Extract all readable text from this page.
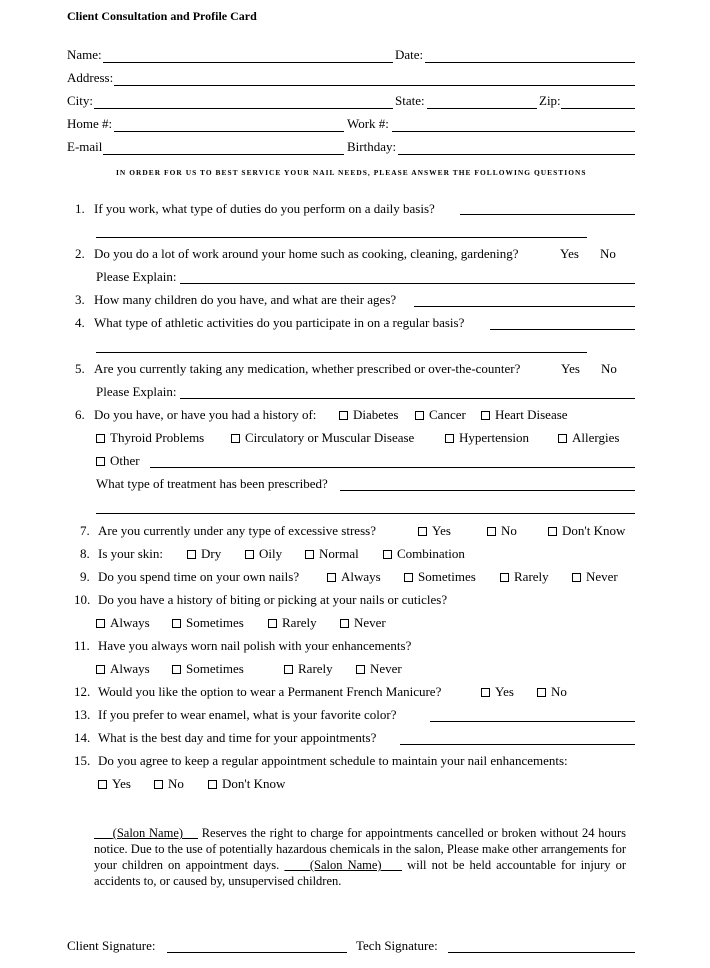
Client Consultation and Profile Card
Name:	Date:
Address:
City:	State:	Zip:
Home #:	Work #:
E-mail	Birthday:
IN ORDER FOR US TO BEST SERVICE YOUR NAIL NEEDS, PLEASE ANSWER THE FOLLOWING QUESTIONS
1. If you work, what type of duties do you perform on a daily basis?
2. Do you do a lot of work around your home such as cooking, cleaning, gardening?	Yes No
Please Explain:
3. How many children do you have, and what are their ages?
4. What type of athletic activities do you participate in on a regular basis?
5. Are you currently taking any medication, whether prescribed or over-the-counter?	Yes No
Please Explain:
6. Do you have, or have you had a history of:	Diabetes	Cancer	Heart Disease
Thyroid Problems	Circulatory or Muscular Disease	Hypertension	Allergies
Other
What type of treatment has been prescribed?
7. Are you currently under any type of excessive stress?	Yes	No	Don't Know
8. Is your skin:	Dry	Oily	Normal	Combination
9. Do you spend time on your own nails?	Always	Sometimes	Rarely	Never
10. Do you have a history of biting or picking at your nails or cuticles?
Always	Sometimes	Rarely	Never
11. Have you always worn nail polish with your enhancements?
Always	Sometimes	Rarely	Never
12. Would you like the option to wear a Permanent French Manicure?	Yes	No
13. If you prefer to wear enamel, what is your favorite color?
14. What is the best day and time for your appointments?
15. Do you agree to keep a regular appointment schedule to maintain your nail enhancements:
Yes	No	Don't Know
(Salon Name) Reserves the right to charge for appointments cancelled or broken without 24 hours notice. Due to the use of potentially hazardous chemicals in the salon, Please make other arrangements for your children on appointment days. (Salon Name) will not be held accountable for injury or accidents to, or caused by, unsupervised children.
Client Signature:	Tech Signature:
